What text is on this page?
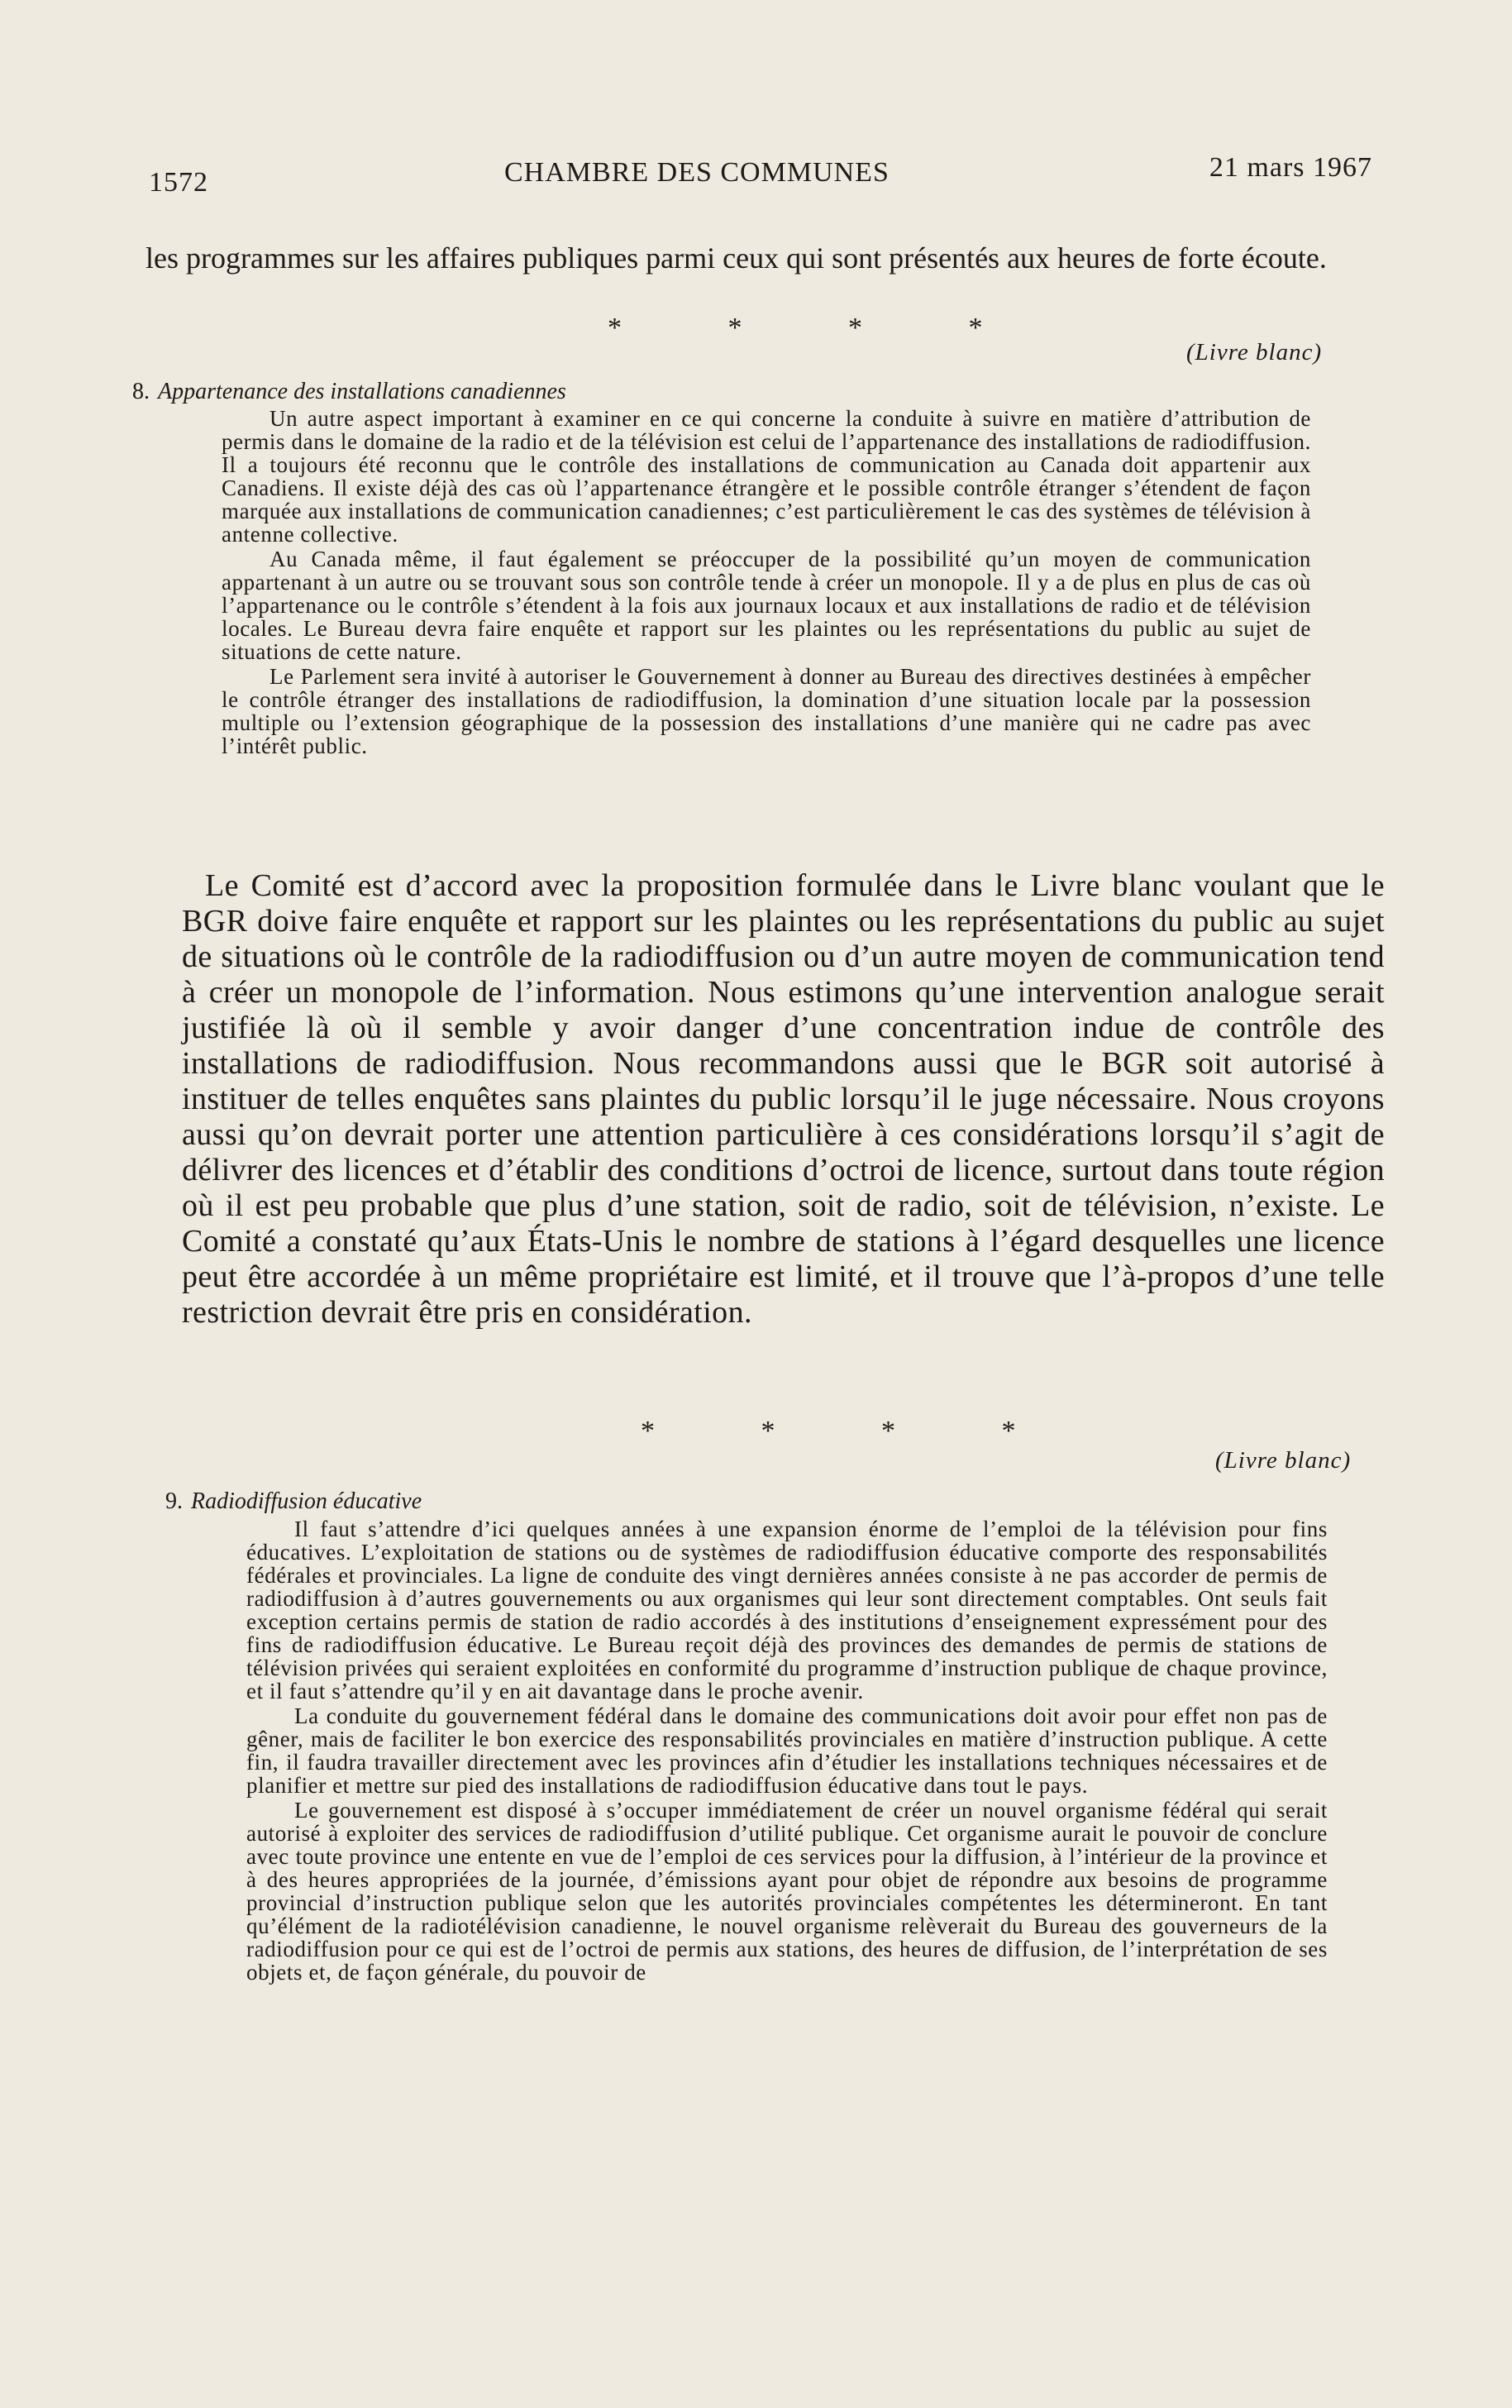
1572	CHAMBRE DES COMMUNES	21 mars 1967
les programmes sur les affaires publiques parmi ceux qui sont présentés aux heures de forte écoute.
* * * *
(Livre blanc)
8. Appartenance des installations canadiennes

Un autre aspect important à examiner en ce qui concerne la conduite à suivre en matière d’attribution de permis dans le domaine de la radio et de la télévision est celui de l’appartenance des installations de radiodiffusion. Il a toujours été reconnu que le contrôle des installations de communication au Canada doit appartenir aux Canadiens. Il existe déjà des cas où l’appartenance étrangère et le possible contrôle étranger s’étendent de façon marquée aux installations de communication canadiennes; c’est particulièrement le cas des systèmes de télévision à antenne collective.

Au Canada même, il faut également se préoccuper de la possibilité qu’un moyen de communication appartenant à un autre ou se trouvant sous son contrôle tende à créer un monopole. Il y a de plus en plus de cas où l’appartenance ou le contrôle s’étendent à la fois aux journaux locaux et aux installations de radio et de télévision locales. Le Bureau devra faire enquête et rapport sur les plaintes ou les représentations du public au sujet de situations de cette nature.

Le Parlement sera invité à autoriser le Gouvernement à donner au Bureau des directives destinées à empêcher le contrôle étranger des installations de radiodiffusion, la domination d’une situation locale par la possession multiple ou l’extension géographique de la possession des installations d’une manière qui ne cadre pas avec l’intérêt public.

Le Comité est d’accord avec la proposition formulée dans le Livre blanc voulant que le BGR doive faire enquête et rapport sur les plaintes ou les représentations du public au sujet de situations où le contrôle de la radiodiffusion ou d’un autre moyen de communication tend à créer un monopole de l’information. Nous estimons qu’une intervention analogue serait justifiée là où il semble y avoir danger d’une concentration indue de contrôle des installations de radiodiffusion. Nous recommandons aussi que le BGR soit autorisé à instituer de telles enquêtes sans plaintes du public lorsqu’il le juge nécessaire. Nous croyons aussi qu’on devrait porter une attention particulière à ces considérations lorsqu’il s’agit de délivrer des licences et d’établir des conditions d’octroi de licence, surtout dans toute région où il est peu probable que plus d’une station, soit de radio, soit de télévision, n’existe. Le Comité a constaté qu’aux États-Unis le nombre de stations à l’égard desquelles une licence peut être accordée à un même propriétaire est limité, et il trouve que l’à-propos d’une telle restriction devrait être pris en considération.

* * * *
(Livre blanc)
9. Radiodiffusion éducative

Il faut s’attendre d’ici quelques années à une expansion énorme de l’emploi de la télévision pour fins éducatives. L’exploitation de stations ou de systèmes de radiodiffusion éducative comporte des responsabilités fédérales et provinciales. La ligne de conduite des vingt dernières années consiste à ne pas accorder de permis de radiodiffusion à d’autres gouvernements ou aux organismes qui leur sont directement comptables. Ont seuls fait exception certains permis de station de radio accordés à des institutions d’enseignement expressément pour des fins de radiodiffusion éducative. Le Bureau reçoit déjà des provinces des demandes de permis de stations de télévision privées qui seraient exploitées en conformité du programme d’instruction publique de chaque province, et il faut s’attendre qu’il y en ait davantage dans le proche avenir.

La conduite du gouvernement fédéral dans le domaine des communications doit avoir pour effet non pas de gêner, mais de faciliter le bon exercice des responsabilités provinciales en matière d’instruction publique. A cette fin, il faudra travailler directement avec les provinces afin d’étudier les installations techniques nécessaires et de planifier et mettre sur pied des installations de radiodiffusion éducative dans tout le pays.

Le gouvernement est disposé à s’occuper immédiatement de créer un nouvel organisme fédéral qui serait autorisé à exploiter des services de radiodiffusion d’utilité publique. Cet organisme aurait le pouvoir de conclure avec toute province une entente en vue de l’emploi de ces services pour la diffusion, à l’intérieur de la province et à des heures appropriées de la journée, d’émissions ayant pour objet de répondre aux besoins de programme provincial d’instruction publique selon que les autorités provinciales compétentes les détermineront. En tant qu’élément de la radiotélévision canadienne, le nouvel organisme relèverait du Bureau des gouverneurs de la radiodiffusion pour ce qui est de l’octroi de permis aux stations, des heures de diffusion, de l’interprétation de ses objets et, de façon générale, du pouvoir de
